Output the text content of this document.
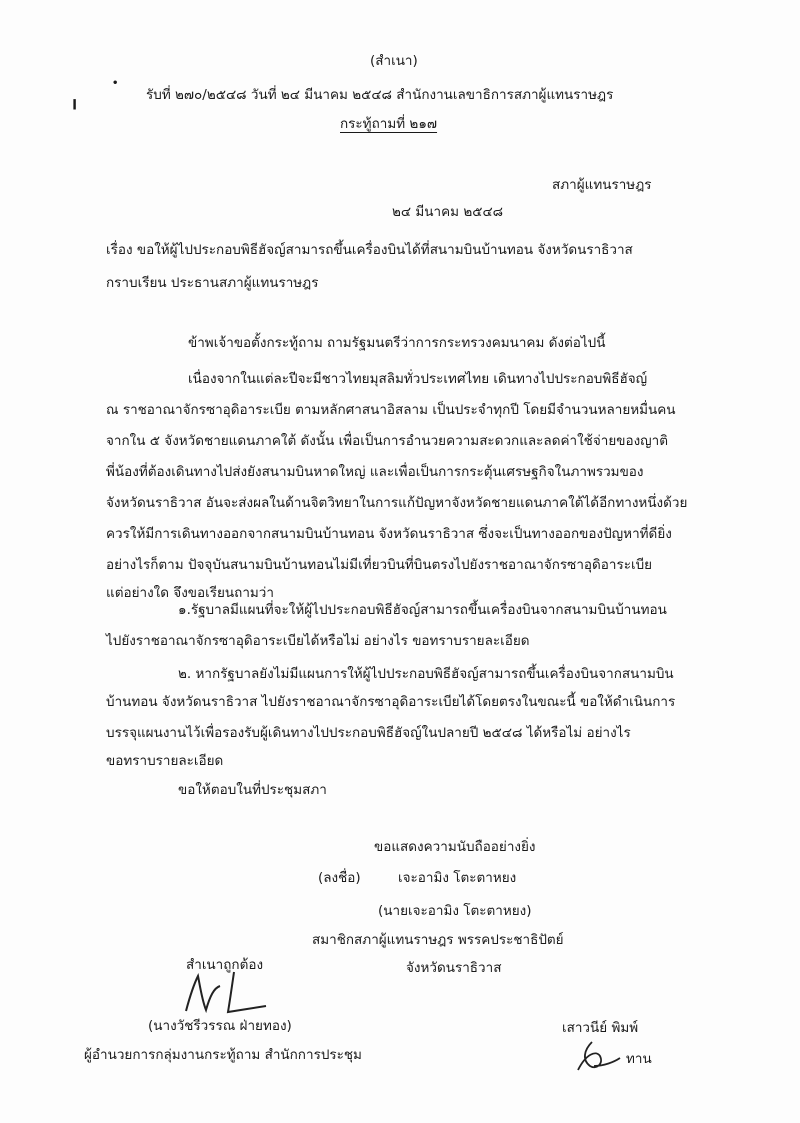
׀
•
(สำเนา)
รับที่ ๒๗๐/๒๕๔๘ วันที่ ๒๔ มีนาคม ๒๕๔๘ สำนักงานเลขาธิการสภาผู้แทนราษฎร
กระทู้ถามที่ ๒๑๗
สภาผู้แทนราษฎร
๒๔ มีนาคม ๒๕๔๘
เรื่อง ขอให้ผู้ไปประกอบพิธีฮัจญ์สามารถขึ้นเครื่องบินได้ที่สนามบินบ้านทอน จังหวัดนราธิวาส
กราบเรียน ประธานสภาผู้แทนราษฎร
ข้าพเจ้าขอตั้งกระทู้ถาม ถามรัฐมนตรีว่าการกระทรวงคมนาคม ดังต่อไปนี้
เนื่องจากในแต่ละปีจะมีชาวไทยมุสลิมทั่วประเทศไทย เดินทางไปประกอบพิธีฮัจญ์
ณ ราชอาณาจักรซาอุดิอาระเบีย ตามหลักศาสนาอิสลาม เป็นประจำทุกปี โดยมีจำนวนหลายหมื่นคน
จากใน ๕ จังหวัดชายแดนภาคใต้ ดังนั้น เพื่อเป็นการอำนวยความสะดวกและลดค่าใช้จ่ายของญาติ
พี่น้องที่ต้องเดินทางไปส่งยังสนามบินหาดใหญ่ และเพื่อเป็นการกระตุ้นเศรษฐกิจในภาพรวมของ
จังหวัดนราธิวาส อันจะส่งผลในด้านจิตวิทยาในการแก้ปัญหาจังหวัดชายแดนภาคใต้ได้อีกทางหนึ่งด้วย
ควรให้มีการเดินทางออกจากสนามบินบ้านทอน จังหวัดนราธิวาส ซึ่งจะเป็นทางออกของปัญหาที่ดียิ่ง
อย่างไรก็ตาม ปัจจุบันสนามบินบ้านทอนไม่มีเที่ยวบินที่บินตรงไปยังราชอาณาจักรซาอุดิอาระเบีย
แต่อย่างใด จึงขอเรียนถามว่า
๑.รัฐบาลมีแผนที่จะให้ผู้ไปประกอบพิธีฮัจญ์สามารถขึ้นเครื่องบินจากสนามบินบ้านทอน
ไปยังราชอาณาจักรซาอุดิอาระเบียได้หรือไม่ อย่างไร ขอทราบรายละเอียด
๒. หากรัฐบาลยังไม่มีแผนการให้ผู้ไปประกอบพิธีฮัจญ์สามารถขึ้นเครื่องบินจากสนามบิน
บ้านทอน จังหวัดนราธิวาส ไปยังราชอาณาจักรซาอุดิอาระเบียได้โดยตรงในขณะนี้ ขอให้ดำเนินการ
บรรจุแผนงานไว้เพื่อรองรับผู้เดินทางไปประกอบพิธีฮัจญ์ในปลายปี ๒๕๔๘ ได้หรือไม่ อย่างไร
ขอทราบรายละเอียด
ขอให้ตอบในที่ประชุมสภา
ขอแสดงความนับถืออย่างยิ่ง
(ลงชื่อ)	เจะอามิง โตะตาหยง
(นายเจะอามิง โตะตาหยง)
สมาชิกสภาผู้แทนราษฎร พรรคประชาธิปัตย์
จังหวัดนราธิวาส
สำเนาถูกต้อง
(นางวัชรีวรรณ ฝ่ายทอง)
ผู้อำนวยการกลุ่มงานกระทู้ถาม สำนักการประชุม
เสาวนีย์ พิมพ์
ทาน
